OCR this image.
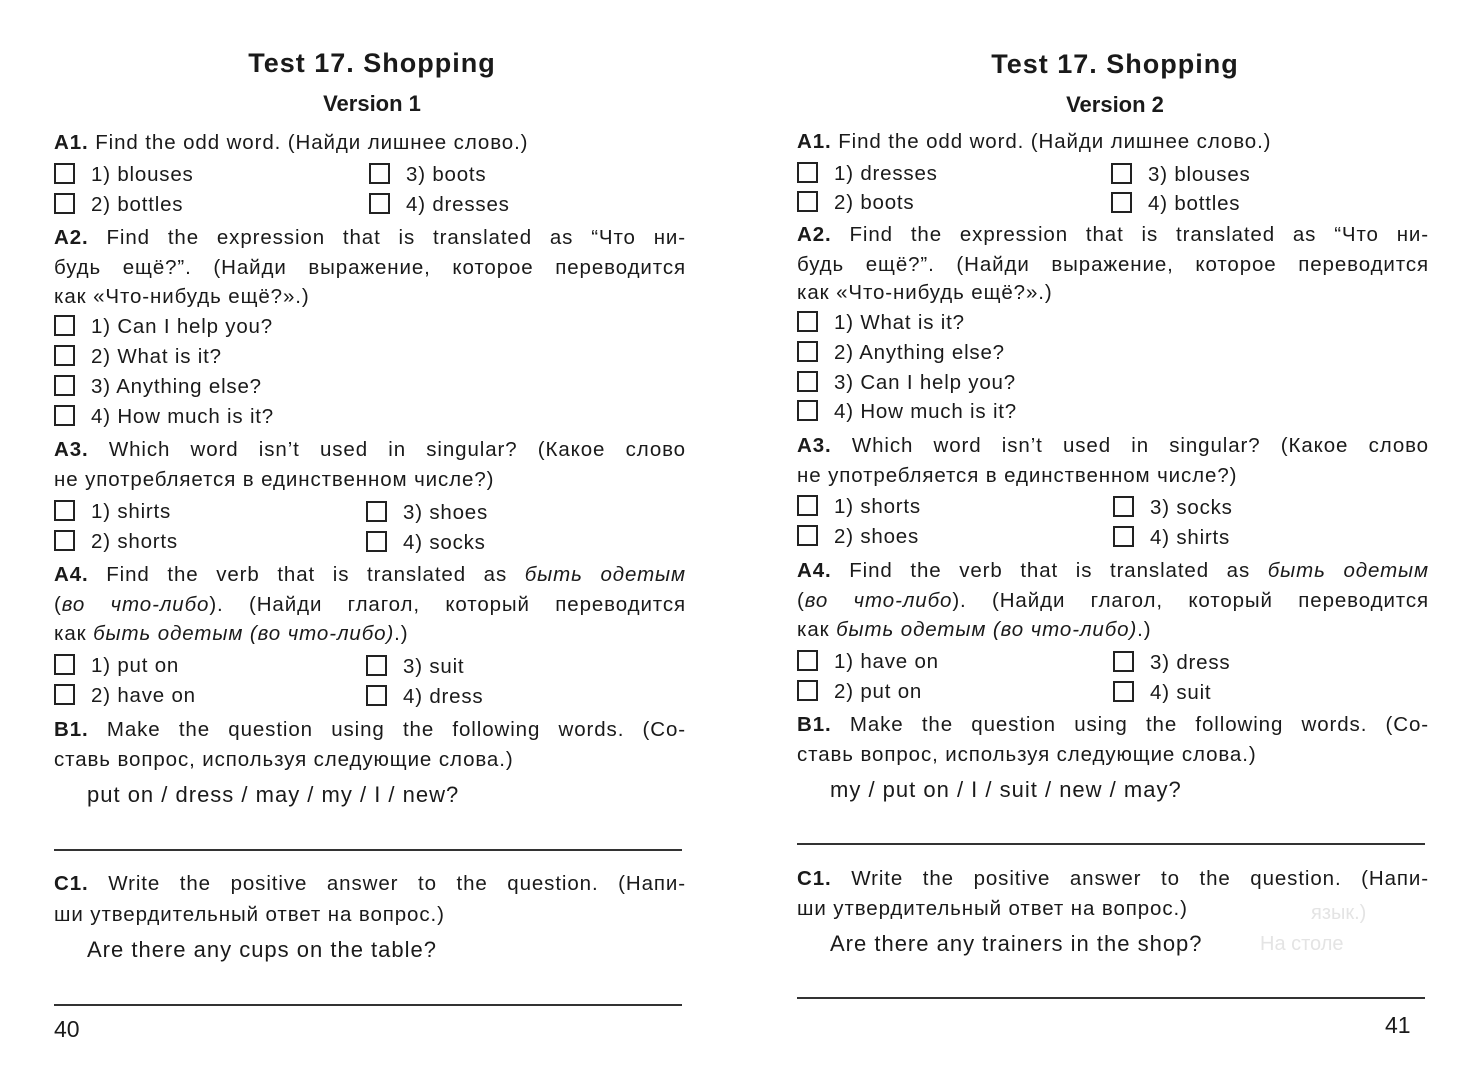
Test 17. Shopping
Version 1
A1. Find the odd word. (Найди лишнее слово.)
1) blouses
2) bottles
3) boots
4) dresses
A2. Find the expression that is translated as “Что ни-
будь ещё?”. (Найди выражение, которое переводится
как «Что-нибудь ещё?».)
1) Can I help you?
2) What is it?
3) Anything else?
4) How much is it?
A3. Which word isn’t used in singular? (Какое слово
не употребляется в единственном числе?)
1) shirts
2) shorts
3) shoes
4) socks
A4. Find the verb that is translated as быть одетым
(во что-либо). (Найди глагол, который переводится
как быть одетым (во что-либо).)
1) put on
2) have on
3) suit
4) dress
B1. Make the question using the following words. (Со-
ставь вопрос, используя следующие слова.)
put on / dress / may / my / I / new?
C1. Write the positive answer to the question. (Напи-
ши утвердительный ответ на вопрос.)
Are there any cups on the table?
40
Test 17. Shopping
Version 2
A1. Find the odd word. (Найди лишнее слово.)
1) dresses
2) boots
3) blouses
4) bottles
A2. Find the expression that is translated as “Что ни-
будь ещё?”. (Найди выражение, которое переводится
как «Что-нибудь ещё?».)
1) What is it?
2) Anything else?
3) Can I help you?
4) How much is it?
A3. Which word isn’t used in singular? (Какое слово
не употребляется в единственном числе?)
1) shorts
2) shoes
3) socks
4) shirts
A4. Find the verb that is translated as быть одетым
(во что-либо). (Найди глагол, который переводится
как быть одетым (во что-либо).)
1) have on
2) put on
3) dress
4) suit
B1. Make the question using the following words. (Со-
ставь вопрос, используя следующие слова.)
my / put on / I / suit / new / may?
C1. Write the positive answer to the question. (Напи-
ши утвердительный ответ на вопрос.)	язык.)
На столе
Are there any trainers in the shop?
41
